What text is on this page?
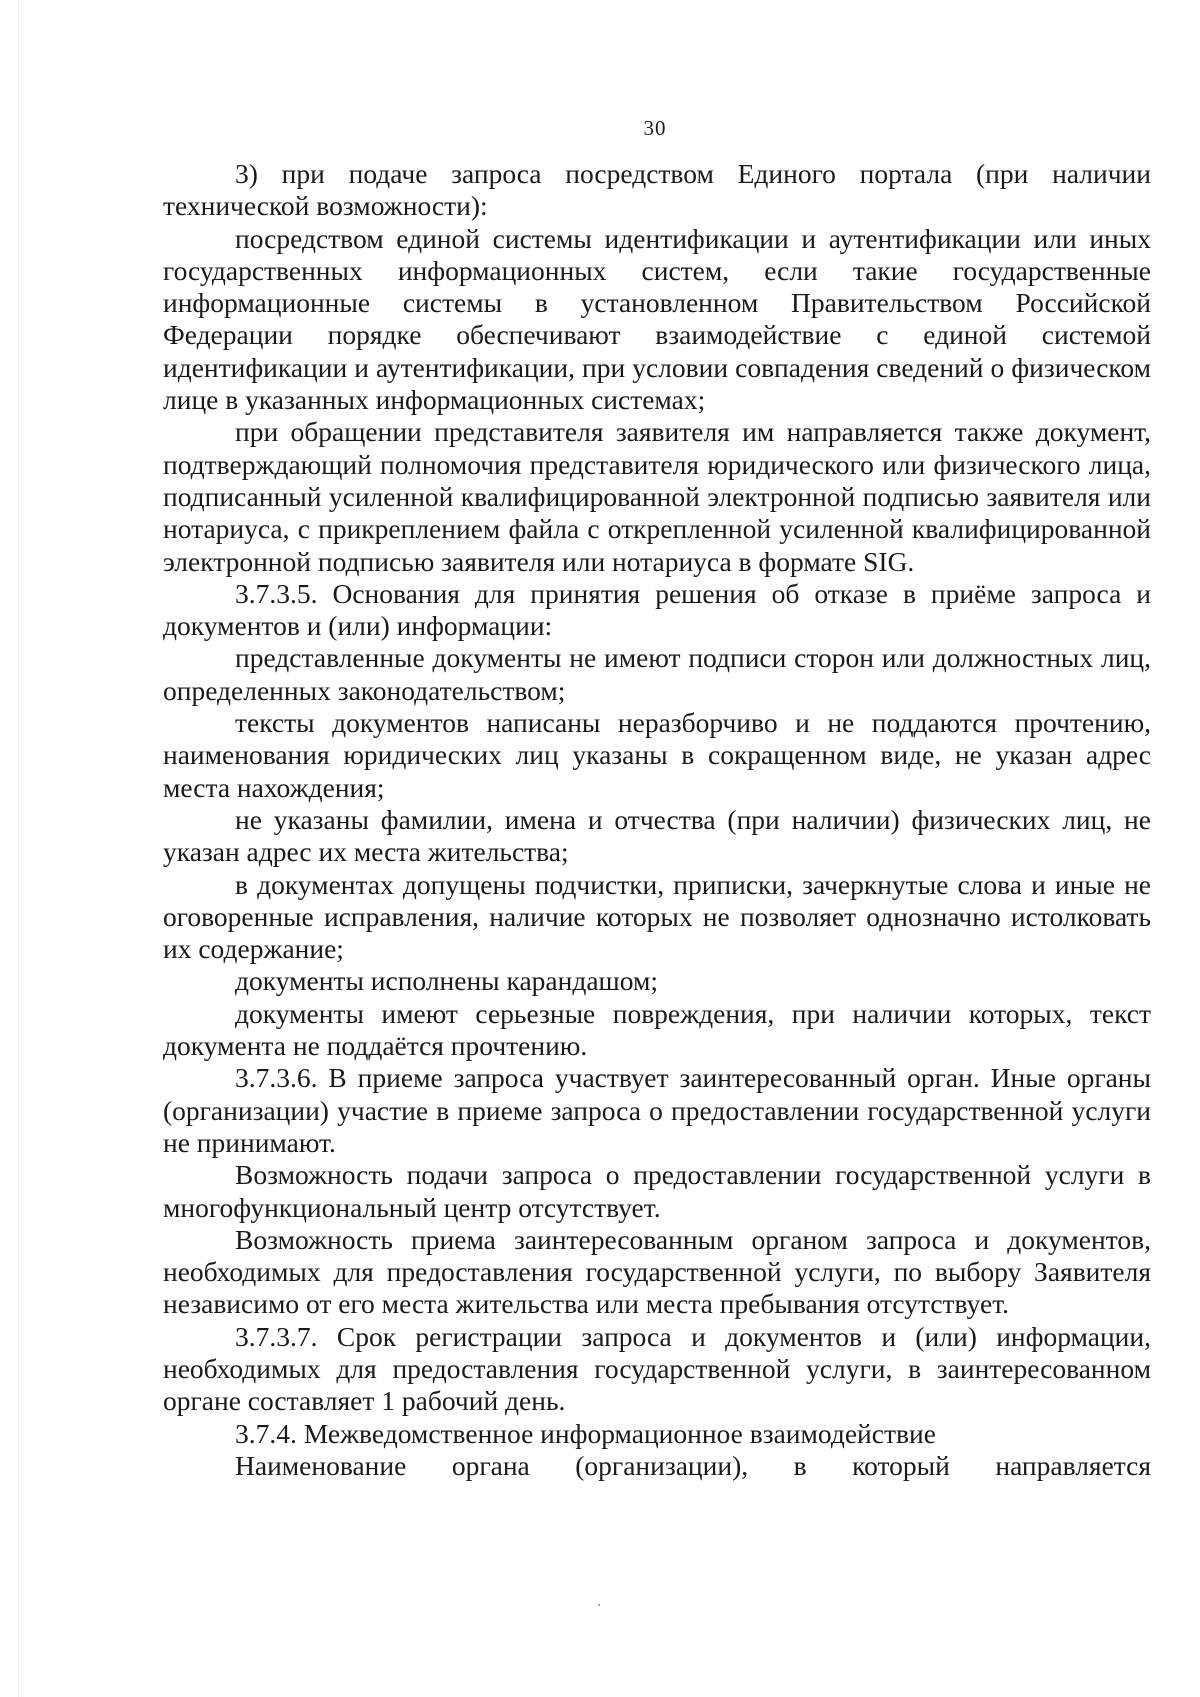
30

3) при подаче запроса посредством Единого портала (при наличии технической возможности):

посредством единой системы идентификации и аутентификации или иных государственных информационных систем, если такие государственные информационные системы в установленном Правительством Российской Федерации порядке обеспечивают взаимодействие с единой системой идентификации и аутентификации, при условии совпадения сведений о физическом лице в указанных информационных системах;

при обращении представителя заявителя им направляется также документ, подтверждающий полномочия представителя юридического или физического лица, подписанный усиленной квалифицированной электронной подписью заявителя или нотариуса, с прикреплением файла с открепленной усиленной квалифицированной электронной подписью заявителя или нотариуса в формате SIG.

3.7.3.5. Основания для принятия решения об отказе в приёме запроса и документов и (или) информации:

представленные документы не имеют подписи сторон или должностных лиц, определенных законодательством;

тексты документов написаны неразборчиво и не поддаются прочтению, наименования юридических лиц указаны в сокращенном виде, не указан адрес места нахождения;

не указаны фамилии, имена и отчества (при наличии) физических лиц, не указан адрес их места жительства;

в документах допущены подчистки, приписки, зачеркнутые слова и иные не оговоренные исправления, наличие которых не позволяет однозначно истолковать их содержание;

документы исполнены карандашом;

документы имеют серьезные повреждения, при наличии которых, текст документа не поддаётся прочтению.

3.7.3.6. В приеме запроса участвует заинтересованный орган. Иные органы (организации) участие в приеме запроса о предоставлении государственной услуги не принимают.

Возможность подачи запроса о предоставлении государственной услуги в многофункциональный центр отсутствует.

Возможность приема заинтересованным органом запроса и документов, необходимых для предоставления государственной услуги, по выбору Заявителя независимо от его места жительства или места пребывания отсутствует.

3.7.3.7. Срок регистрации запроса и документов и (или) информации, необходимых для предоставления государственной услуги, в заинтересованном органе составляет 1 рабочий день.

3.7.4. Межведомственное информационное взаимодействие

Наименование органа (организации), в который направляется
